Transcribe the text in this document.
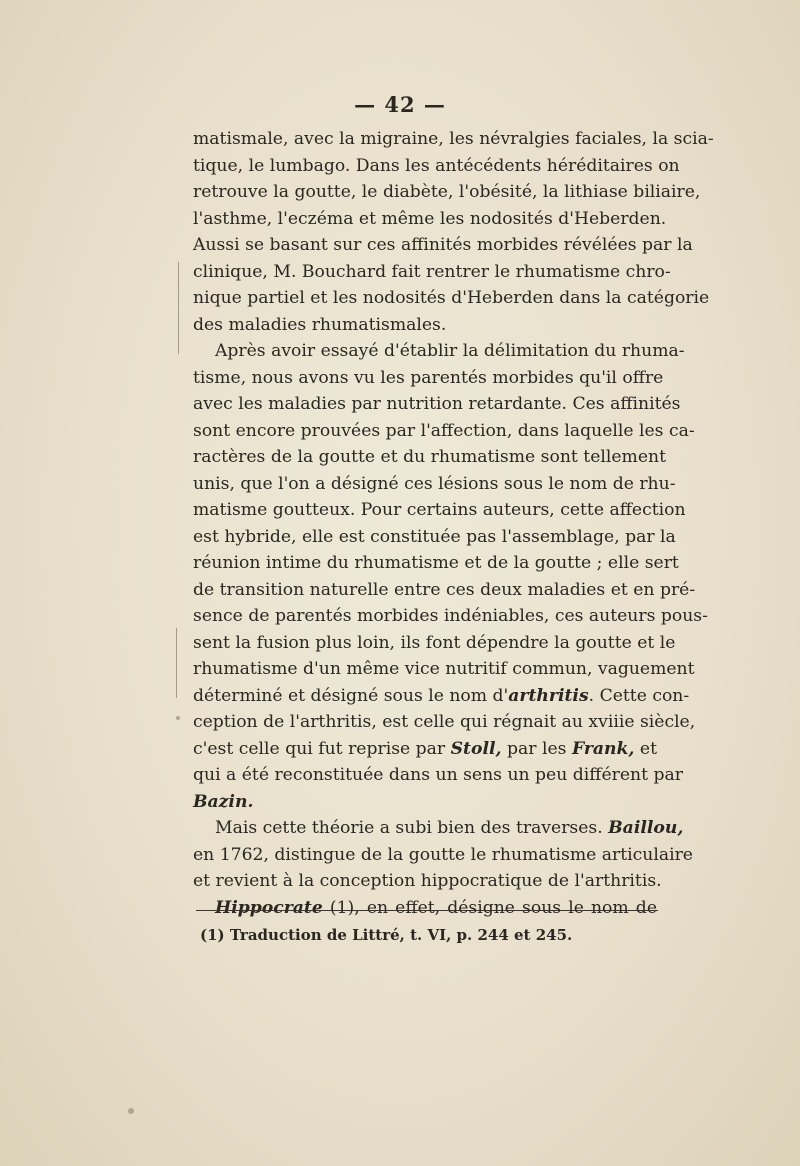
— 42 —

matismale, avec la migraine, les névralgies faciales, la scia-
tique, le lumbago. Dans les antécédents héréditaires on
retrouve la goutte, le diabète, l'obésité, la lithiase biliaire,
l'asthme, l'eczéma et même les nodosités d'Heberden.
Aussi se basant sur ces affinités morbides révélées par la
clinique, M. Bouchard fait rentrer le rhumatisme chro-
nique partiel et les nodosités d'Heberden dans la catégorie
des maladies rhumatismales.

Après avoir essayé d'établir la délimitation du rhuma-
tisme, nous avons vu les parentés morbides qu'il offre
avec les maladies par nutrition retardante. Ces affinités
sont encore prouvées par l'affection, dans laquelle les ca-
ractères de la goutte et du rhumatisme sont tellement
unis, que l'on a désigné ces lésions sous le nom de rhu-
matisme goutteux. Pour certains auteurs, cette affection
est hybride, elle est constituée pas l'assemblage, par la
réunion intime du rhumatisme et de la goutte ; elle sert
de transition naturelle entre ces deux maladies et en pré-
sence de parentés morbides indéniables, ces auteurs pous-
sent la fusion plus loin, ils font dépendre la goutte et le
rhumatisme d'un même vice nutritif commun, vaguement
déterminé et désigné sous le nom d'arthritis. Cette con-
ception de l'arthritis, est celle qui régnait au xviiie siècle,
c'est celle qui fut reprise par Stoll, par les Frank, et
qui a été reconstituée dans un sens un peu différent par
Bazin.

Mais cette théorie a subi bien des traverses. Baillou,
en 1762, distingue de la goutte le rhumatisme articulaire
et revient à la conception hippocratique de l'arthritis.
Hippocrate (1), en effet, désigne sous le nom de

(1) Traduction de Littré, t. VI, p. 244 et 245.
